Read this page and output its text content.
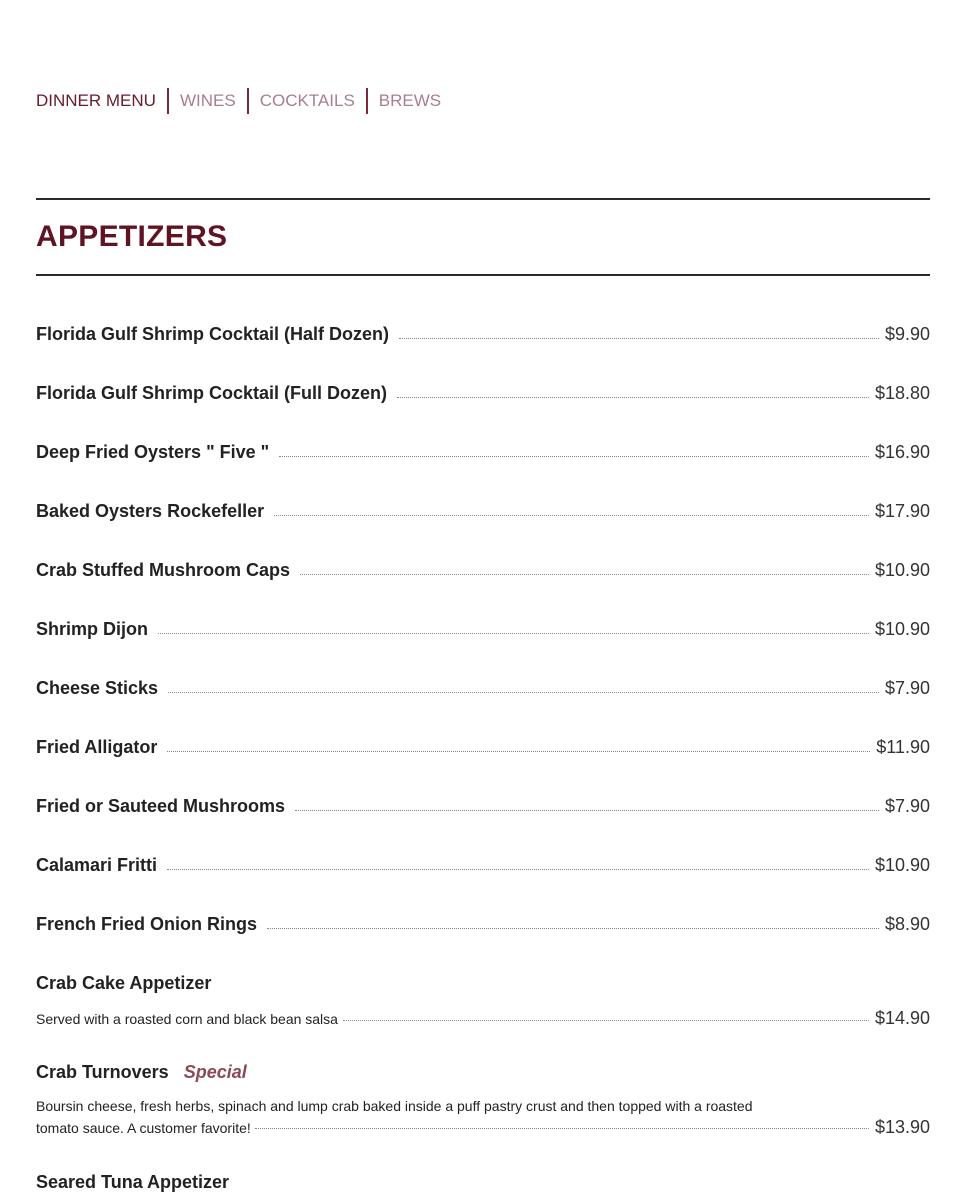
DINNER MENU WINES COCKTAILS BREWS
APPETIZERS
Florida Gulf Shrimp Cocktail (Half Dozen)	$9.90
Florida Gulf Shrimp Cocktail (Full Dozen)	$18.80
Deep Fried Oysters " Five "	$16.90
Baked Oysters Rockefeller	$17.90
Crab Stuffed Mushroom Caps	$10.90
Shrimp Dijon	$10.90
Cheese Sticks	$7.90
Fried Alligator	$11.90
Fried or Sauteed Mushrooms	$7.90
Calamari Fritti	$10.90
French Fried Onion Rings	$8.90
Crab Cake Appetizer
Served with a roasted corn and black bean salsa	$14.90
Crab Turnovers Special
Boursin cheese, fresh herbs, spinach and lump crab baked inside a puff pastry crust and then topped with a roasted
tomato sauce. A customer favorite!	$13.90
Seared Tuna Appetizer
